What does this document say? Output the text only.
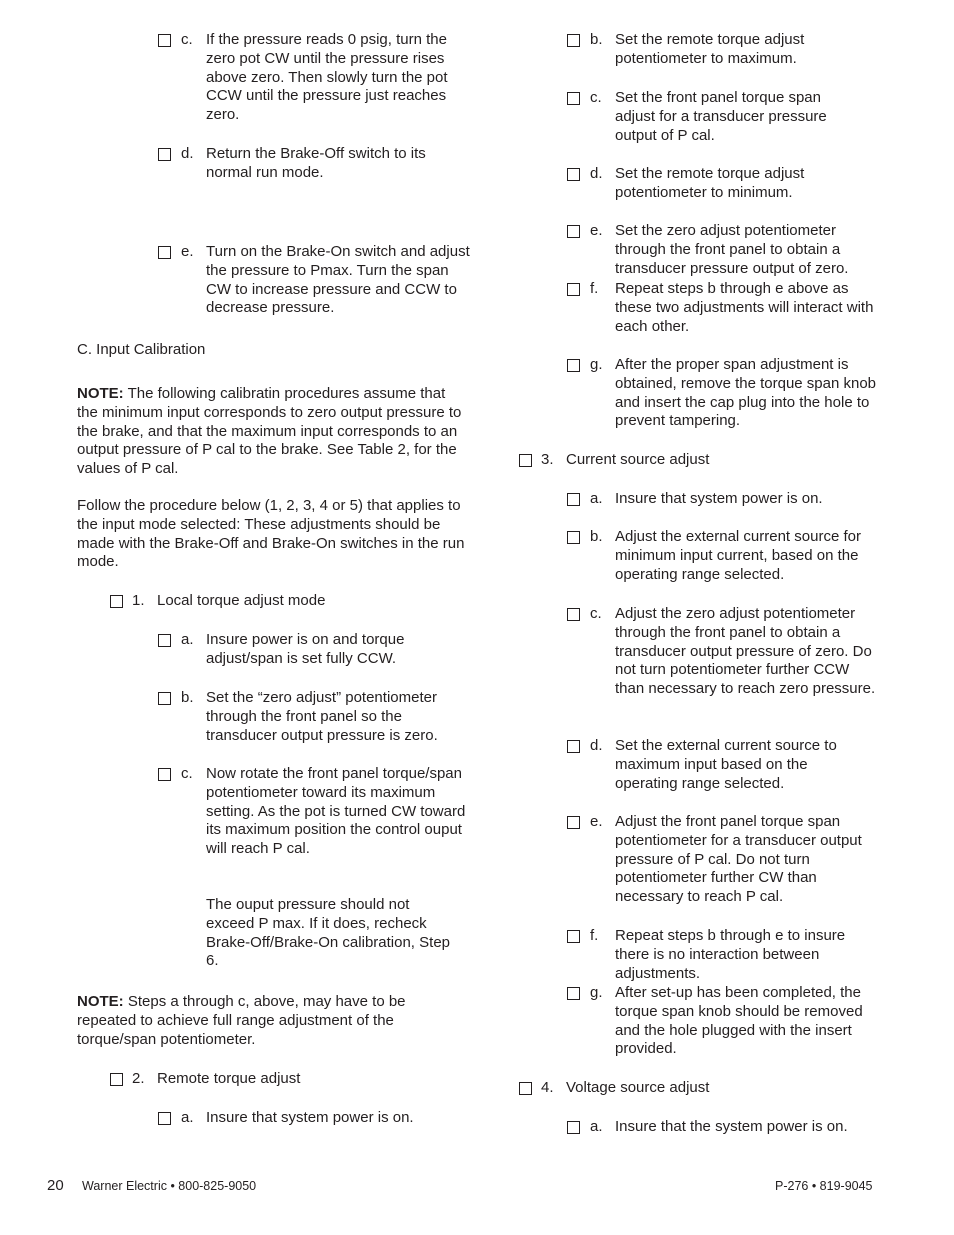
c. If the pressure reads 0 psig, turn the zero pot CW until the pressure rises above zero. Then slowly turn the pot CCW until the pressure just reaches zero.
d. Return the Brake-Off switch to its normal run mode.
e. Turn on the Brake-On switch and adjust the pressure to Pmax. Turn the span CW to increase pressure and CCW to decrease pressure.
C. Input Calibration
NOTE: The following calibratin procedures assume that the minimum input corresponds to zero output pressure to the brake, and that the maximum input corresponds to an output pressure of P cal to the brake. See Table 2, for the values of P cal.
Follow the procedure below (1, 2, 3, 4 or 5) that applies to the input mode selected: These adjustments should be made with the Brake-Off and Brake-On switches in the run mode.
1. Local torque adjust mode
a. Insure power is on and torque adjust/span is set fully CCW.
b. Set the “zero adjust” potentiometer through the front panel so the transducer output pressure is zero.
c. Now rotate the front panel torque/span potentiometer toward its maximum setting. As the pot is turned CW toward its maximum position the control ouput will reach P cal.
The ouput pressure should not exceed P max. If it does, recheck Brake-Off/Brake-On calibration, Step 6.
NOTE: Steps a through c, above, may have to be repeated to achieve full range adjustment of the torque/span potentiometer.
2. Remote torque adjust
a. Insure that system power is on.
b. Set the remote torque adjust potentiometer to maximum.
c. Set the front panel torque span adjust for a transducer pressure output of P cal.
d. Set the remote torque adjust potentiometer to minimum.
e. Set the zero adjust potentiometer through the front panel to obtain a transducer pressure output of zero.
f. Repeat steps b through e above as these two adjustments will interact with each other.
g. After the proper span adjustment is obtained, remove the torque span knob and insert the cap plug into the hole to prevent tampering.
3. Current source adjust
a. Insure that system power is on.
b. Adjust the external current source for minimum input current, based on the operating range selected.
c. Adjust the zero adjust potentiometer through the front panel to obtain a transducer output pressure of zero. Do not turn potentiometer further CCW than necessary to reach zero pressure.
d. Set the external current source to maximum input based on the operating range selected.
e. Adjust the front panel torque span potentiometer for a transducer output pressure of P cal. Do not turn potentiometer further CW than necessary to reach P cal.
f. Repeat steps b through e to insure there is no interaction between adjustments.
g. After set-up has been completed, the torque span knob should be removed and the hole plugged with the insert provided.
4. Voltage source adjust
a. Insure that the system power is on.
20 Warner Electric • 800-825-9050	P-276 • 819-9045
